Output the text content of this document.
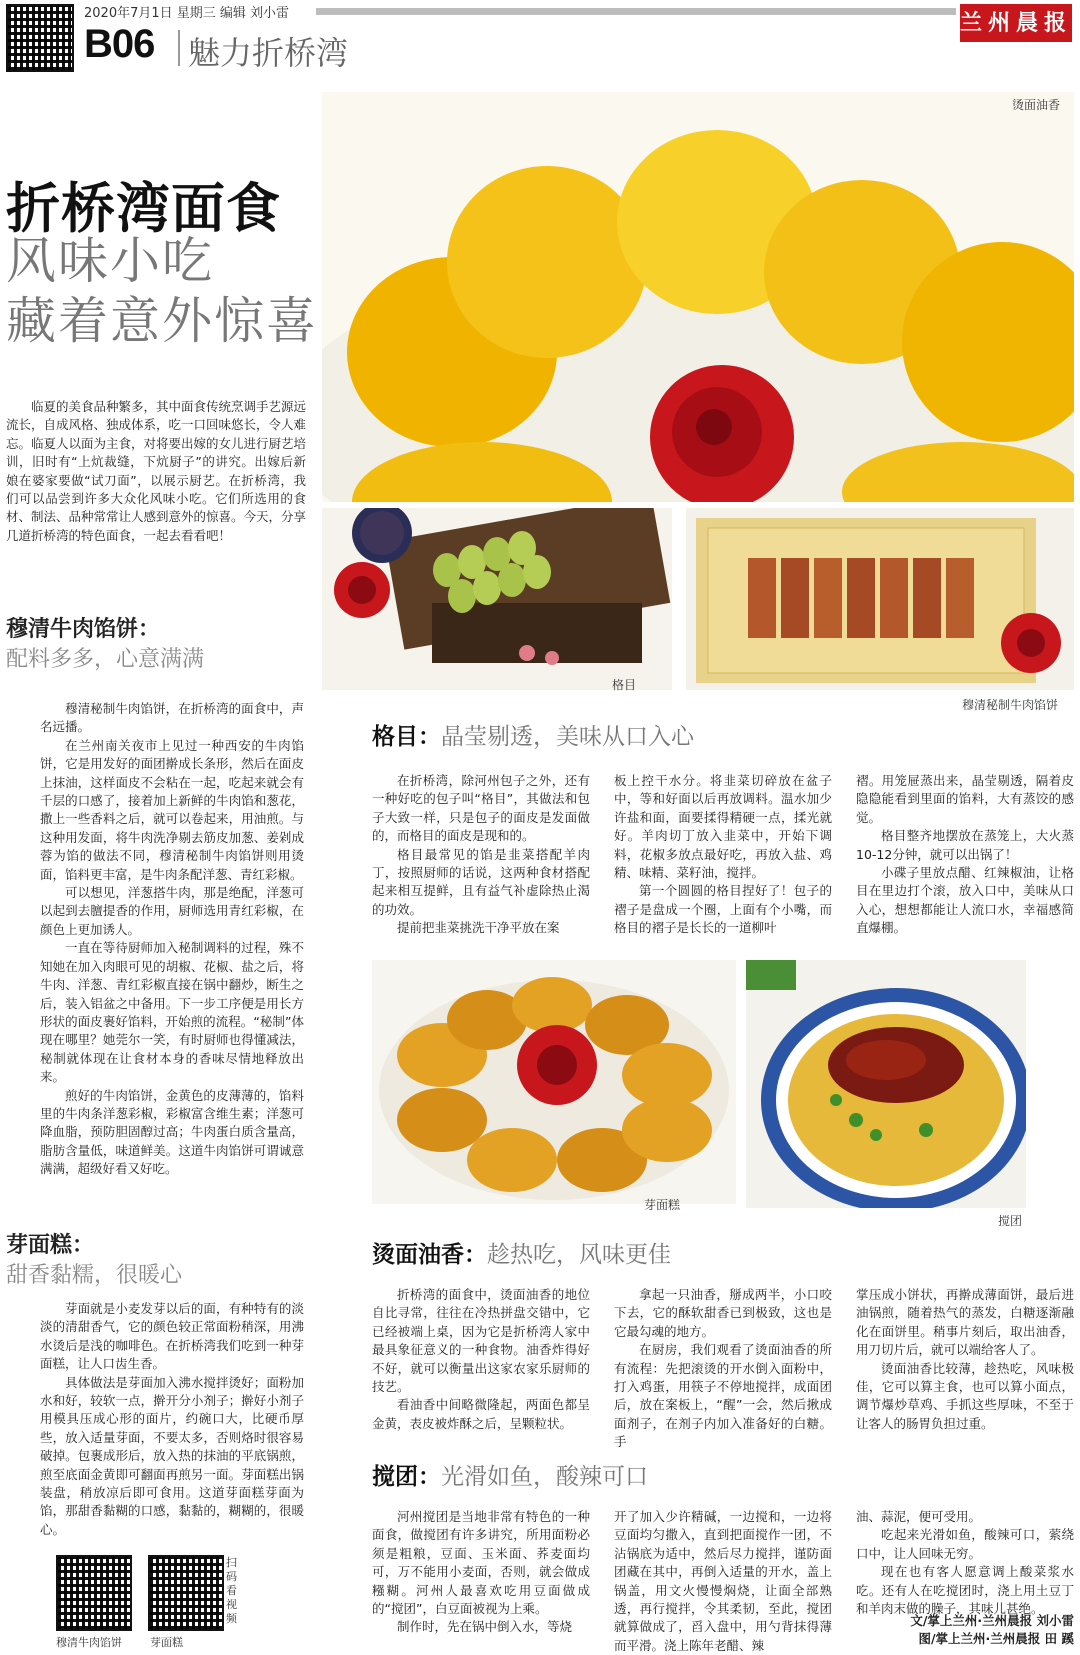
2020年7月1日 星期三 编辑 刘小雷	兰州晨报
B06 魅力折桥湾
烫面油香
折桥湾面食
风味小吃
藏着意外惊喜

临夏的美食品种繁多，其中面食传统烹调手艺源远流长，自成风格、独成体系，吃一口回味悠长，令人难忘。临夏人以面为主食，对将要出嫁的女儿进行厨艺培训，旧时有“上炕裁缝，下炕厨子”的讲究。出嫁后新娘在婆家要做“试刀面”，以展示厨艺。在折桥湾，我们可以品尝到许多大众化风味小吃。它们所选用的食材、制法、品种常常让人感到意外的惊喜。今天，分享几道折桥湾的特色面食，一起去看看吧！

格目
穆清秘制牛肉馅饼
穆清牛肉馅饼：
配料多多，心意满满

穆清秘制牛肉馅饼，在折桥湾的面食中，声名远播。

在兰州南关夜市上见过一种西安的牛肉馅饼，它是用发好的面团擀成长条形，然后在面皮上抹油，这样面皮不会粘在一起，吃起来就会有千层的口感了，接着加上新鲜的牛肉馅和葱花，撒上一些香料之后，就可以卷起来，用油煎。与这种用发面，将牛肉洗净剔去筋皮加葱、姜剁成蓉为馅的做法不同，穆清秘制牛肉馅饼则用烫面，馅料更丰富，是牛肉条配洋葱、青红彩椒。

可以想见，洋葱搭牛肉，那是绝配，洋葱可以起到去膻提香的作用，厨师选用青红彩椒，在颜色上更加诱人。

一直在等待厨师加入秘制调料的过程，殊不知她在加入肉眼可见的胡椒、花椒、盐之后，将牛肉、洋葱、青红彩椒直接在锅中翻炒，断生之后，装入铝盆之中备用。下一步工序便是用长方形状的面皮裹好馅料，开始煎的流程。“秘制”体现在哪里？她莞尔一笑，有时厨师也得懂减法，秘制就体现在让食材本身的香味尽情地释放出来。

煎好的牛肉馅饼，金黄色的皮薄薄的，馅料里的牛肉条洋葱彩椒，彩椒富含维生素；洋葱可降血脂，预防胆固醇过高；牛肉蛋白质含量高，脂肪含量低，味道鲜美。这道牛肉馅饼可谓诚意满满，超级好看又好吃。

芽面糕：
甜香黏糯，很暖心

芽面就是小麦发芽以后的面，有种特有的淡淡的清甜香气，它的颜色较正常面粉稍深，用沸水烫后是浅的咖啡色。在折桥湾我们吃到一种芽面糕，让人口齿生香。

具体做法是芽面加入沸水搅拌烫好；面粉加水和好，较软一点，擀开分小剂子；擀好小剂子用模具压成心形的面片，约碗口大，比硬币厚些，放入适量芽面，不要太多，否则烙时很容易破掉。包裹成形后，放入热的抹油的平底锅煎，煎至底面金黄即可翻面再煎另一面。芽面糕出锅装盘，稍放凉后即可食用。这道芽面糕芽面为馅，那甜香黏糊的口感，黏黏的，糊糊的，很暖心。

穆清牛肉馅饼	芽面糕
扫码看视频
格目：晶莹剔透，美味从口入心

在折桥湾，除河州包子之外，还有一种好吃的包子叫“格目”，其做法和包子大致一样，只是包子的面皮是发面做的，而格目的面皮是现和的。

格目最常见的馅是韭菜搭配羊肉丁，按照厨师的话说，这两种食材搭配起来相互提鲜，且有益气补虚除热止渴的功效。

提前把韭菜挑洗干净平放在案

板上控干水分。将韭菜切碎放在盆子中，等和好面以后再放调料。温水加少许盐和面，面要揉得精硬一点，揉光就好。羊肉切丁放入韭菜中，开始下调料，花椒多放点最好吃，再放入盐、鸡精、味精、菜籽油，搅拌。

第一个圆圆的格目捏好了！包子的褶子是盘成一个圈，上面有个小嘴，而格目的褶子是长长的一道柳叶

褶。用笼屉蒸出来，晶莹剔透，隔着皮隐隐能看到里面的馅料，大有蒸饺的感觉。

格目整齐地摆放在蒸笼上，大火蒸10-12分钟，就可以出锅了！

小碟子里放点醋、红辣椒油，让格目在里边打个滚，放入口中，美味从口入心，想想都能让人流口水，幸福感简直爆棚。

芽面糕
搅团
烫面油香：趁热吃，风味更佳

折桥湾的面食中，烫面油香的地位自比寻常，往往在冷热拼盘交错中，它已经被端上桌，因为它是折桥湾人家中最具象征意义的一种食物。油香炸得好不好，就可以衡量出这家农家乐厨师的技艺。

看油香中间略微隆起，两面色都呈金黄，表皮被炸酥之后，呈颗粒状。

拿起一只油香，掰成两半，小口咬下去，它的酥软甜香已到极致，这也是它最勾魂的地方。

在厨房，我们观看了烫面油香的所有流程：先把滚烫的开水倒入面粉中，打入鸡蛋，用筷子不停地搅拌，成面团后，放在案板上，“醒”一会，然后揪成面剂子，在剂子内加入准备好的白糖。手

掌压成小饼状，再擀成薄面饼，最后进油锅煎，随着热气的蒸发，白糖逐渐融化在面饼里。稍事片刻后，取出油香，用刀切片后，就可以端给客人了。

烫面油香比较薄，趁热吃，风味极佳，它可以算主食，也可以算小面点，调节爆炒草鸡、手抓这些厚味，不至于让客人的肠胃负担过重。

搅团：光滑如鱼，酸辣可口

河州搅团是当地非常有特色的一种面食，做搅团有许多讲究，所用面粉必须是粗粮，豆面、玉米面、荞麦面均可，万不能用小麦面，否则，就会做成糨糊。河州人最喜欢吃用豆面做成的“搅团”，白豆面被视为上乘。

制作时，先在锅中倒入水，等烧

开了加入少许精碱，一边搅和，一边将豆面均匀撒入，直到把面搅作一团，不沾锅底为适中，然后尽力搅拌，谨防面团藏在其中，再倒入适量的开水，盖上锅盖，用文火慢慢焖烧，让面全部熟透，再行搅拌，令其柔韧，至此，搅团就算做成了，舀入盘中，用勺背抹得薄而平滑。浇上陈年老醋、辣

油、蒜泥，便可受用。

吃起来光滑如鱼，酸辣可口，萦绕口中，让人回味无穷。

现在也有客人愿意调上酸菜浆水吃。还有人在吃搅团时，浇上用土豆丁和羊肉末做的臊子，其味儿甚绝。

文/掌上兰州·兰州晨报 刘小雷
图/掌上兰州·兰州晨报 田 蹊
